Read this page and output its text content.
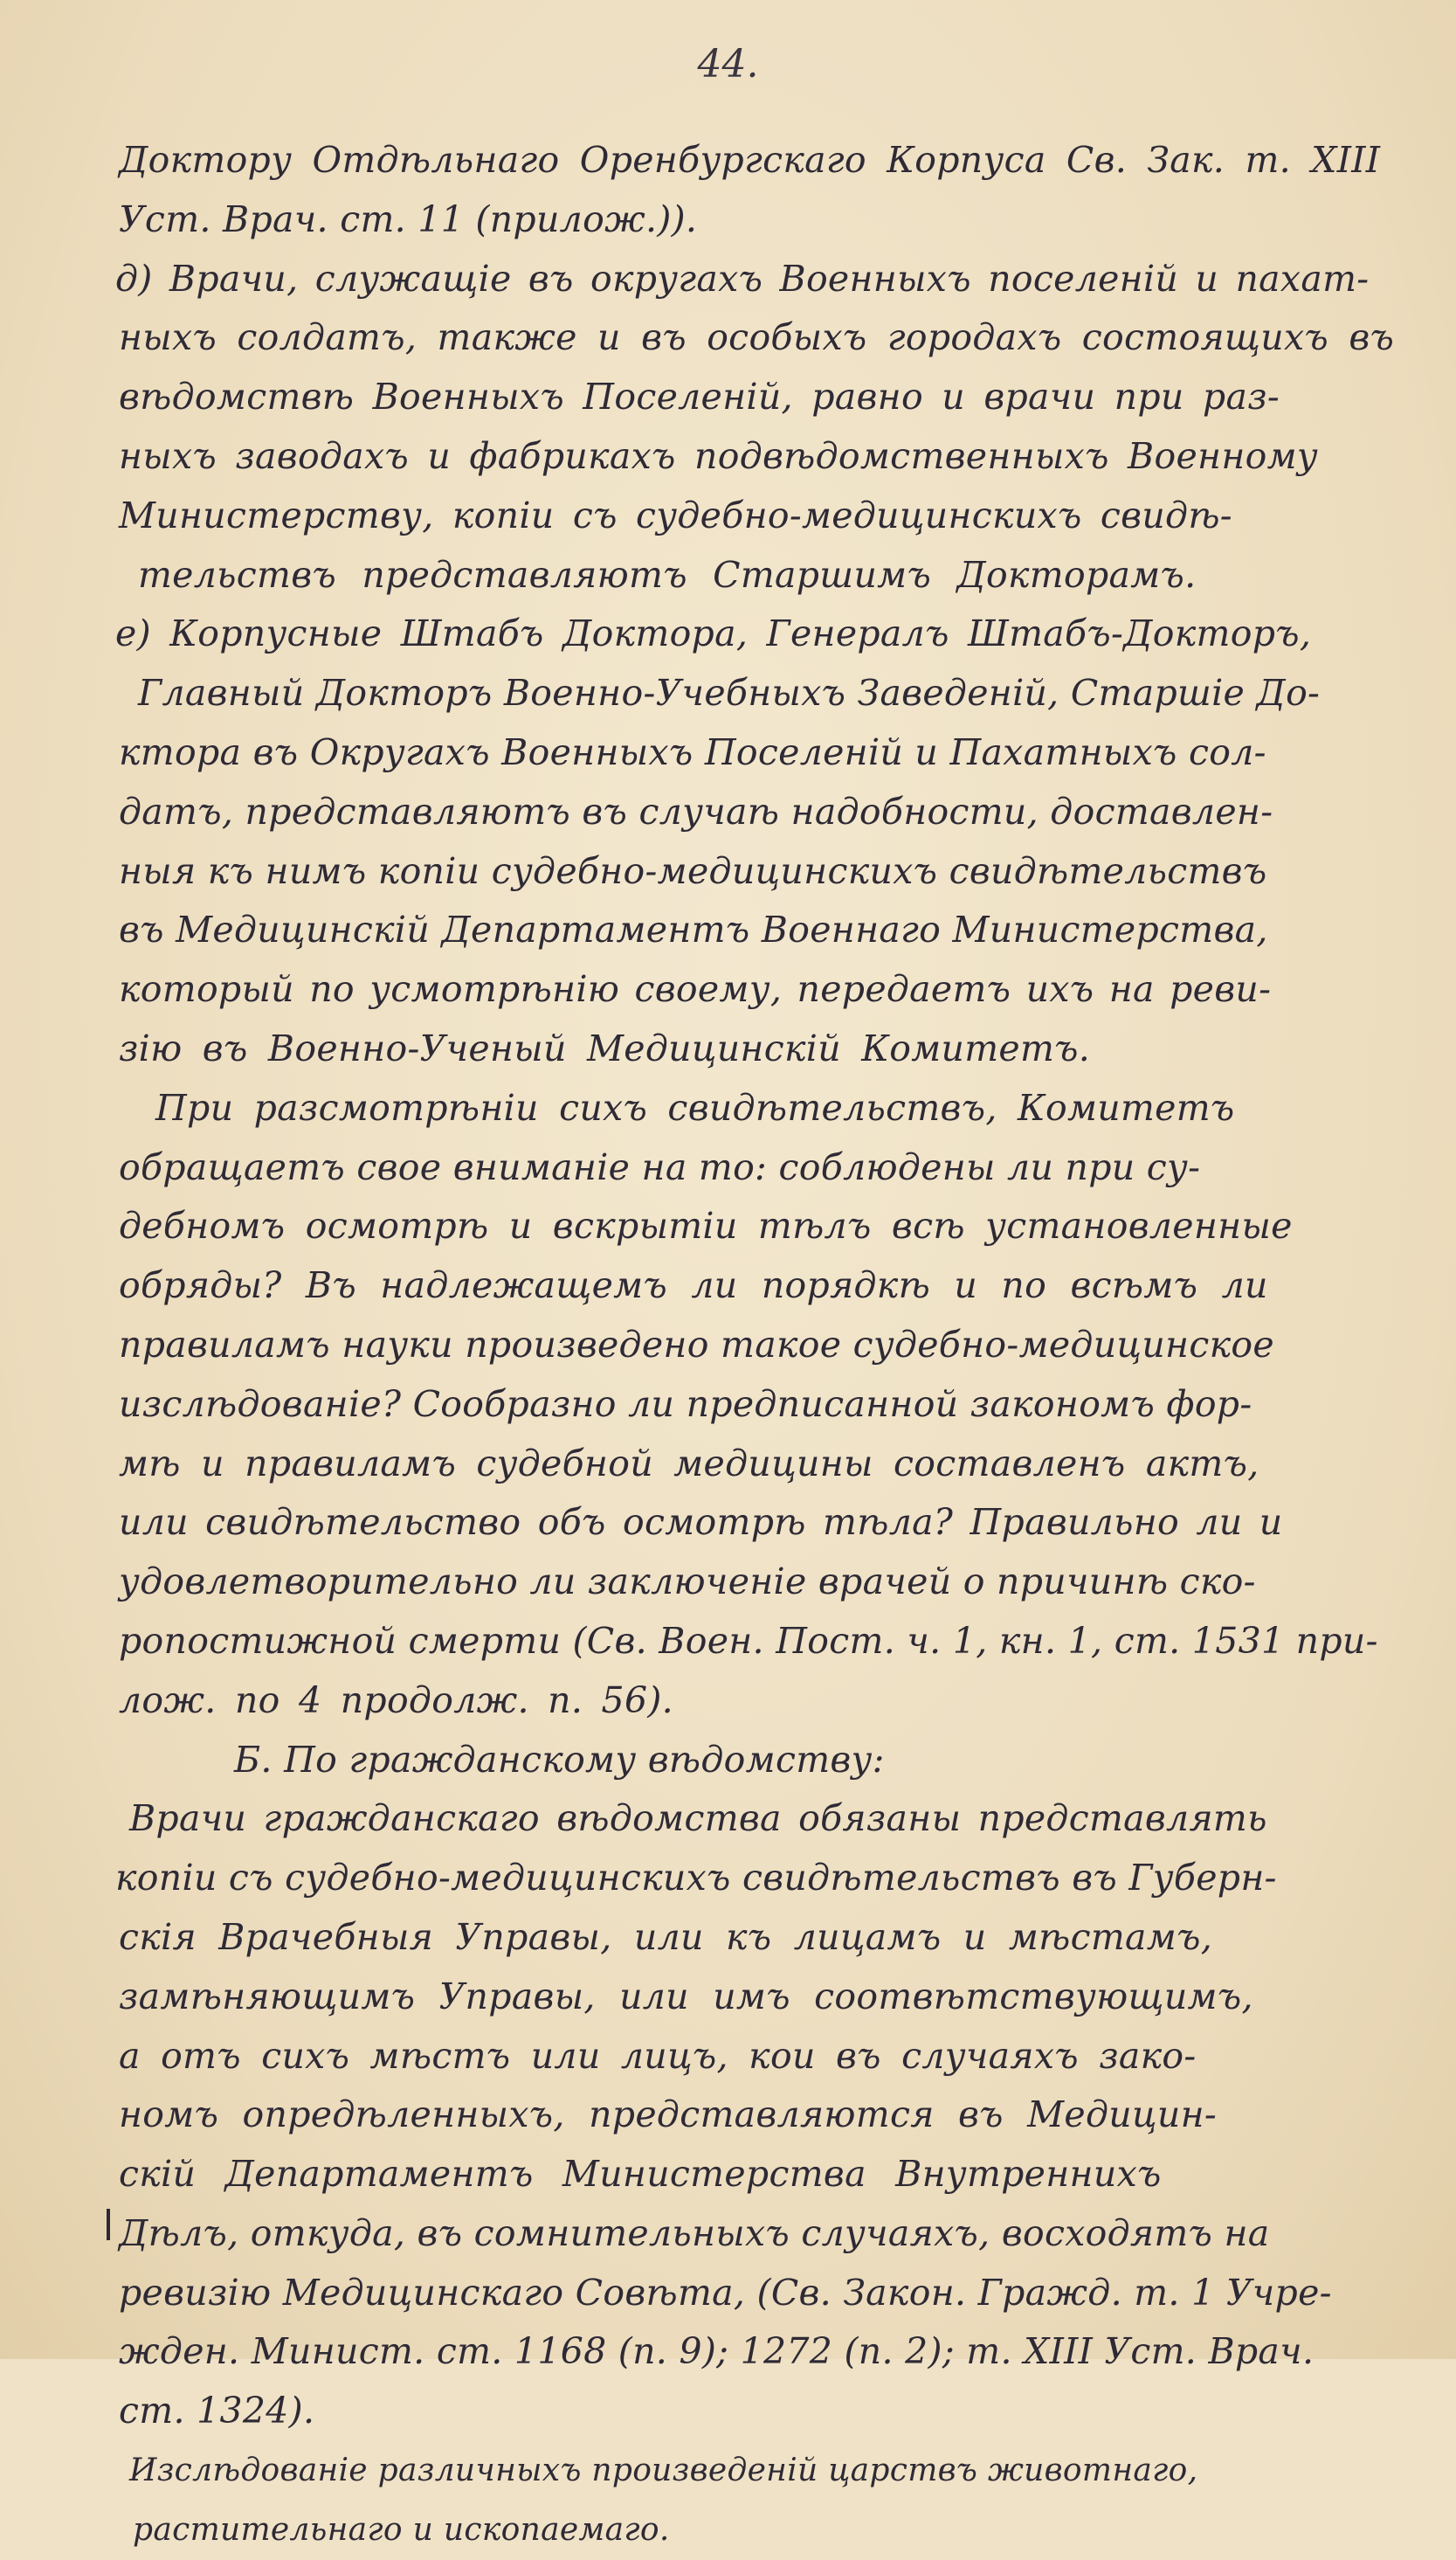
44.
Доктору Отдѣльнаго Оренбургскаго Корпуса Св. Зак. т. XIII
Уст. Врач. ст. 11 (прилож.)).
д) Врачи, служащіе въ округахъ Военныхъ поселеній и пахат-
ныхъ солдатъ, также и въ особыхъ городахъ состоящихъ въ
вѣдомствѣ Военныхъ Поселеній, равно и врачи при раз-
ныхъ заводахъ и фабрикахъ подвѣдомственныхъ Военному
Министерству, копіи съ судебно-медицинскихъ свидѣ-
тельствъ представляютъ Старшимъ Докторамъ.
е) Корпусные Штабъ Доктора, Генералъ Штабъ-Докторъ,
Главный Докторъ Военно-Учебныхъ Заведеній, Старшіе До-
ктора въ Округахъ Военныхъ Поселеній и Пахатныхъ сол-
датъ, представляютъ въ случаѣ надобности, доставлен-
ныя къ нимъ копіи судебно-медицинскихъ свидѣтельствъ
въ Медицинскій Департаментъ Военнаго Министерства,
который по усмотрѣнію своему, передаетъ ихъ на реви-
зію въ Военно-Ученый Медицинскій Комитетъ.
При разсмотрѣніи сихъ свидѣтельствъ, Комитетъ
обращаетъ свое вниманіе на то: соблюдены ли при су-
дебномъ осмотрѣ и вскрытіи тѣлъ всѣ установленные
обряды? Въ надлежащемъ ли порядкѣ и по всѣмъ ли
правиламъ науки произведено такое судебно-медицинское
изслѣдованіе? Сообразно ли предписанной закономъ фор-
мѣ и правиламъ судебной медицины составленъ актъ,
или свидѣтельство объ осмотрѣ тѣла? Правильно ли и
удовлетворительно ли заключеніе врачей о причинѣ ско-
ропостижной смерти (Св. Воен. Пост. ч. 1, кн. 1, ст. 1531 при-
лож. по 4 продолж. п. 56).
Б. По гражданскому вѣдомству:
Врачи гражданскаго вѣдомства обязаны представлять
копіи съ судебно-медицинскихъ свидѣтельствъ въ Губерн-
скія Врачебныя Управы, или къ лицамъ и мѣстамъ,
замѣняющимъ Управы, или имъ соотвѣтствующимъ,
а отъ сихъ мѣстъ или лицъ, кои въ случаяхъ зако-
номъ опредѣленныхъ, представляются въ Медицин-
скій Департаментъ Министерства Внутреннихъ
Дѣлъ, откуда, въ сомнительныхъ случаяхъ, восходятъ на
ревизію Медицинскаго Совѣта, (Св. Закон. Гражд. т. 1 Учре-
жден. Минист. ст. 1168 (п. 9); 1272 (п. 2); т. XIII Уст. Врач.
ст. 1324).
Изслѣдованіе различныхъ произведеній царствъ животнаго,
растительнаго и ископаемаго.
